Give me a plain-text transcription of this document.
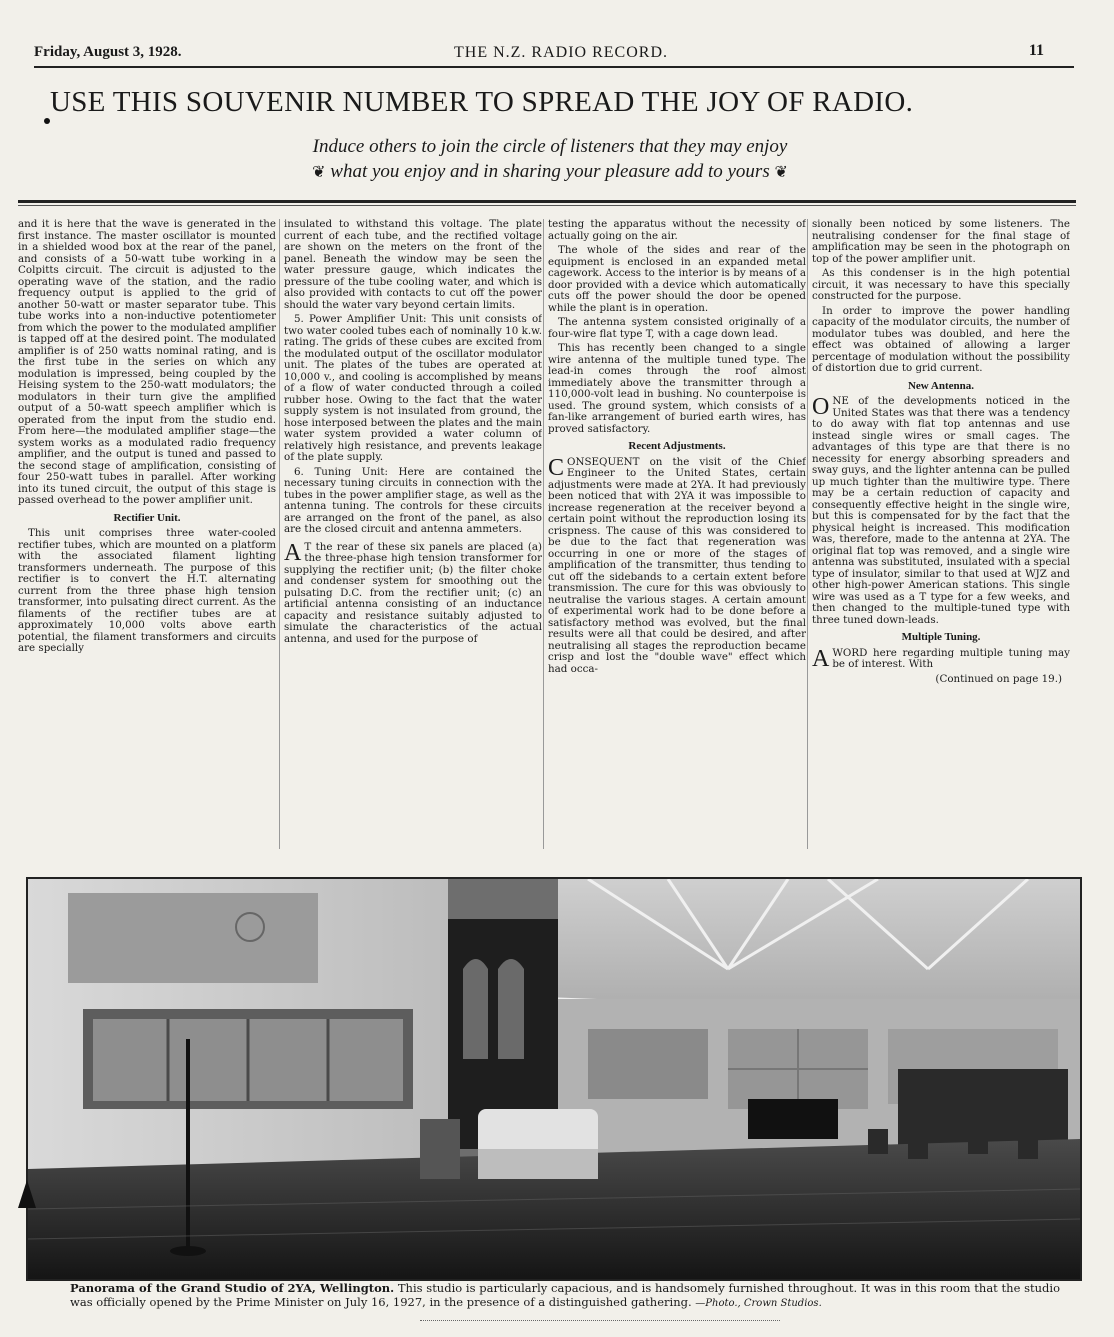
Friday, August 3, 1928.	THE N.Z. RADIO RECORD.	11
USE THIS SOUVENIR NUMBER TO SPREAD THE JOY OF RADIO.
Induce others to join the circle of listeners that they may enjoy
❦ what you enjoy and in sharing your pleasure add to yours ❦

and it is here that the wave is generated in the first instance. The master oscillator is mounted in a shielded wood box at the rear of the panel, and consists of a 50-watt tube working in a Colpitts circuit. The circuit is adjusted to the operating wave of the station, and the radio frequency output is applied to the grid of another 50-watt or master separator tube. This tube works into a non-inductive potentiometer from which the power to the modulated amplifier is tapped off at the desired point. The modulated amplifier is of 250 watts nominal rating, and is the first tube in the series on which any modulation is impressed, being coupled by the Heising system to the 250-watt modulators; the modulators in their turn give the amplified output of a 50-watt speech amplifier which is operated from the input from the studio end. From here—the modulated amplifier stage—the system works as a modulated radio frequency amplifier, and the output is tuned and passed to the second stage of amplification, consisting of four 250-watt tubes in parallel. After working into its tuned circuit, the output of this stage is passed overhead to the power amplifier unit.

Rectifier Unit.

This unit comprises three water-cooled rectifier tubes, which are mounted on a platform with the associated filament lighting transformers underneath. The purpose of this rectifier is to convert the H.T. alternating current from the three phase high tension transformer, into pulsating direct current. As the filaments of the rectifier tubes are at approximately 10,000 volts above earth potential, the filament transformers and circuits are specially

insulated to withstand this voltage. The plate current of each tube, and the rectified voltage are shown on the meters on the front of the panel. Beneath the window may be seen the water pressure gauge, which indicates the pressure of the tube cooling water, and which is also provided with contacts to cut off the power should the water vary beyond certain limits.

5. Power Amplifier Unit: This unit consists of two water cooled tubes each of nominally 10 k.w. rating. The grids of these cubes are excited from the modulated output of the oscillator modulator unit. The plates of the tubes are operated at 10,000 v., and cooling is accomplished by means of a flow of water conducted through a coiled rubber hose. Owing to the fact that the water supply system is not insulated from ground, the hose interposed between the plates and the main water system provided a water column of relatively high resistance, and prevents leakage of the plate supply.

6. Tuning Unit: Here are contained the necessary tuning circuits in connection with the tubes in the power amplifier stage, as well as the antenna tuning. The controls for these circuits are arranged on the front of the panel, as also are the closed circuit and antenna ammeters.

A T the rear of these six panels are placed (a) the three-phase high tension transformer for supplying the rectifier unit; (b) the filter choke and condenser system for smoothing out the pulsating D.C. from the rectifier unit; (c) an artificial antenna consisting of an inductance capacity and resistance suitably adjusted to simulate the characteristics of the actual antenna, and used for the purpose of

testing the apparatus without the necessity of actually going on the air.

The whole of the sides and rear of the equipment is enclosed in an expanded metal cagework. Access to the interior is by means of a door provided with a device which automatically cuts off the power should the door be opened while the plant is in operation.

The antenna system consisted originally of a four-wire flat type T, with a cage down lead.

This has recently been changed to a single wire antenna of the multiple tuned type. The lead-in comes through the roof almost immediately above the transmitter through a 110,000-volt lead in bushing. No counterpoise is used. The ground system, which consists of a fan-like arrangement of buried earth wires, has proved satisfactory.

Recent Adjustments.

CONSEQUENT on the visit of the Chief Engineer to the United States, certain adjustments were made at 2YA. It had previously been noticed that with 2YA it was impossible to increase regeneration at the receiver beyond a certain point without the reproduction losing its crispness. The cause of this was considered to be due to the fact that regeneration was occurring in one or more of the stages of amplification of the transmitter, thus tending to cut off the sidebands to a certain extent before transmission. The cure for this was obviously to neutralise the various stages. A certain amount of experimental work had to be done before a satisfactory method was evolved, but the final results were all that could be desired, and after neutralising all stages the reproduction became crisp and lost the "double wave" effect which had occa-

sionally been noticed by some listeners. The neutralising condenser for the final stage of amplification may be seen in the photograph on top of the power amplifier unit.

As this condenser is in the high potential circuit, it was necessary to have this specially constructed for the purpose.

In order to improve the power handling capacity of the modulator circuits, the number of modulator tubes was doubled, and here the effect was obtained of allowing a larger percentage of modulation without the possibility of distortion due to grid current.

New Antenna.

ONE of the developments noticed in the United States was that there was a tendency to do away with flat top antennas and use instead single wires or small cages. The advantages of this type are that there is no necessity for energy absorbing spreaders and sway guys, and the lighter antenna can be pulled up much tighter than the multiwire type. There may be a certain reduction of capacity and consequently effective height in the single wire, but this is compensated for by the fact that the physical height is increased. This modification was, therefore, made to the antenna at 2YA. The original flat top was removed, and a single wire antenna was substituted, insulated with a special type of insulator, similar to that used at WJZ and other high-power American stations. This single wire was used as a T type for a few weeks, and then changed to the multiple-tuned type with three tuned down-leads.

Multiple Tuning.

AWORD here regarding multiple tuning may be of interest. With

(Continued on page 19.)

Panorama of the Grand Studio of 2YA, Wellington. This studio is particularly capacious, and is handsomely furnished throughout. It was in this room that the studio was officially opened by the Prime Minister on July 16, 1927, in the presence of a distinguished gathering. —Photo., Crown Studios.
